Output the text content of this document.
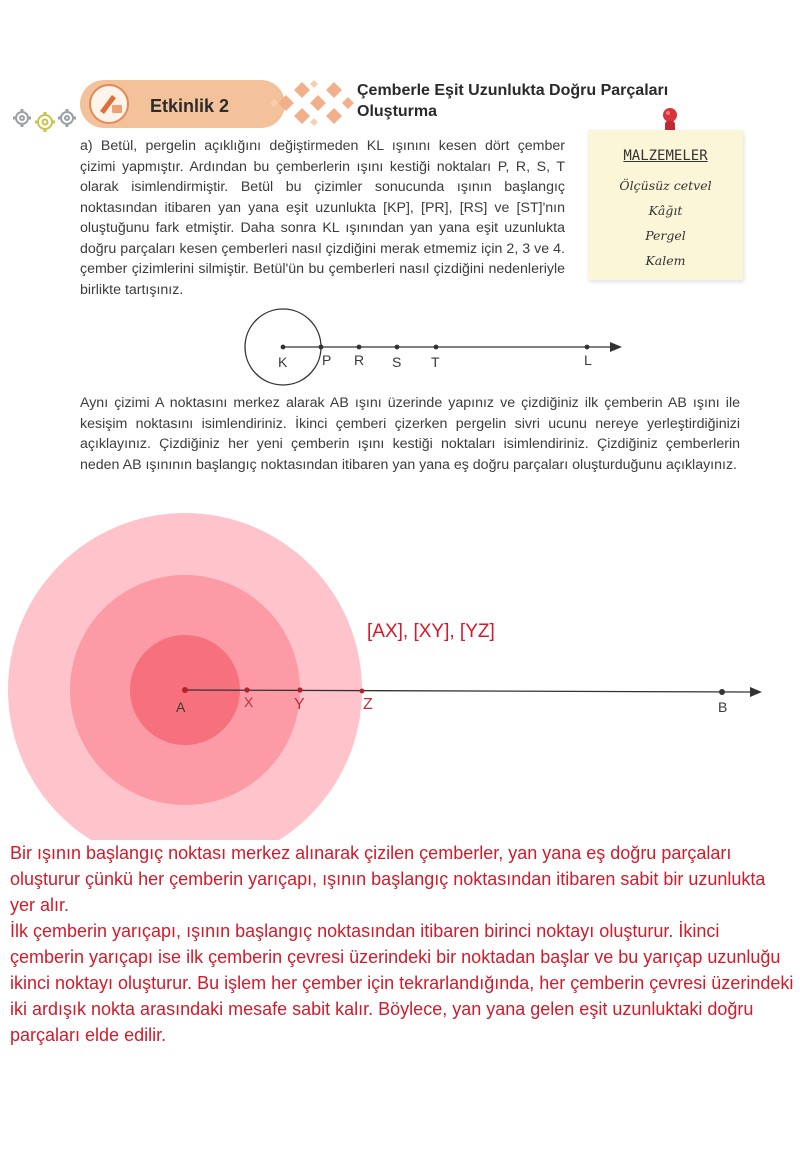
Etkinlik 2
Çemberle Eşit Uzunlukta Doğru Parçaları Oluşturma
MALZEMELER
Ölçüsüz cetvel
Kâğıt
Pergel
Kalem
a) Betül, pergelin açıklığını değiştirmeden KL ışınını kesen dört çember çizimi yapmıştır. Ardından bu çemberlerin ışını kestiği noktaları P, R, S, T olarak isimlendirmiştir. Betül bu çizimler sonucunda ışının başlangıç noktasından itibaren yan yana eşit uzunlukta [KP], [PR], [RS] ve [ST]'nın oluştuğunu fark etmiştir. Daha sonra KL ışınından yan yana eşit uzunlukta doğru parçaları kesen çemberleri nasıl çizdiğini merak etmemiz için 2, 3 ve 4. çember çizimlerini silmiştir. Betül'ün bu çemberleri nasıl çizdiğini nedenleriyle birlikte tartışınız.
K P R S T	L
Aynı çizimi A noktasını merkez alarak AB ışını üzerinde yapınız ve çizdiğiniz ilk çemberin AB ışını ile kesişim noktasını isimlendiriniz. İkinci çemberi çizerken pergelin sivri ucunu nereye yerleştirdiğinizi açıklayınız. Çizdiğiniz her yeni çemberin ışını kestiği noktaları isimlendiriniz. Çizdiğiniz çemberlerin neden AB ışınının başlangıç noktasından itibaren yan yana eş doğru parçaları oluşturduğunu açıklayınız.
A	X	Y	Z	B
[AX], [XY], [YZ]

Bir ışının başlangıç noktası merkez alınarak çizilen çemberler, yan yana eş doğru parçaları oluşturur çünkü her çemberin yarıçapı, ışının başlangıç noktasından itibaren sabit bir uzunlukta yer alır.

İlk çemberin yarıçapı, ışının başlangıç noktasından itibaren birinci noktayı oluşturur. İkinci çemberin yarıçapı ise ilk çemberin çevresi üzerindeki bir noktadan başlar ve bu yarıçap uzunluğu ikinci noktayı oluşturur. Bu işlem her çember için tekrarlandığında, her çemberin çevresi üzerindeki iki ardışık nokta arasındaki mesafe sabit kalır. Böylece, yan yana gelen eşit uzunluktaki doğru parçaları elde edilir.
